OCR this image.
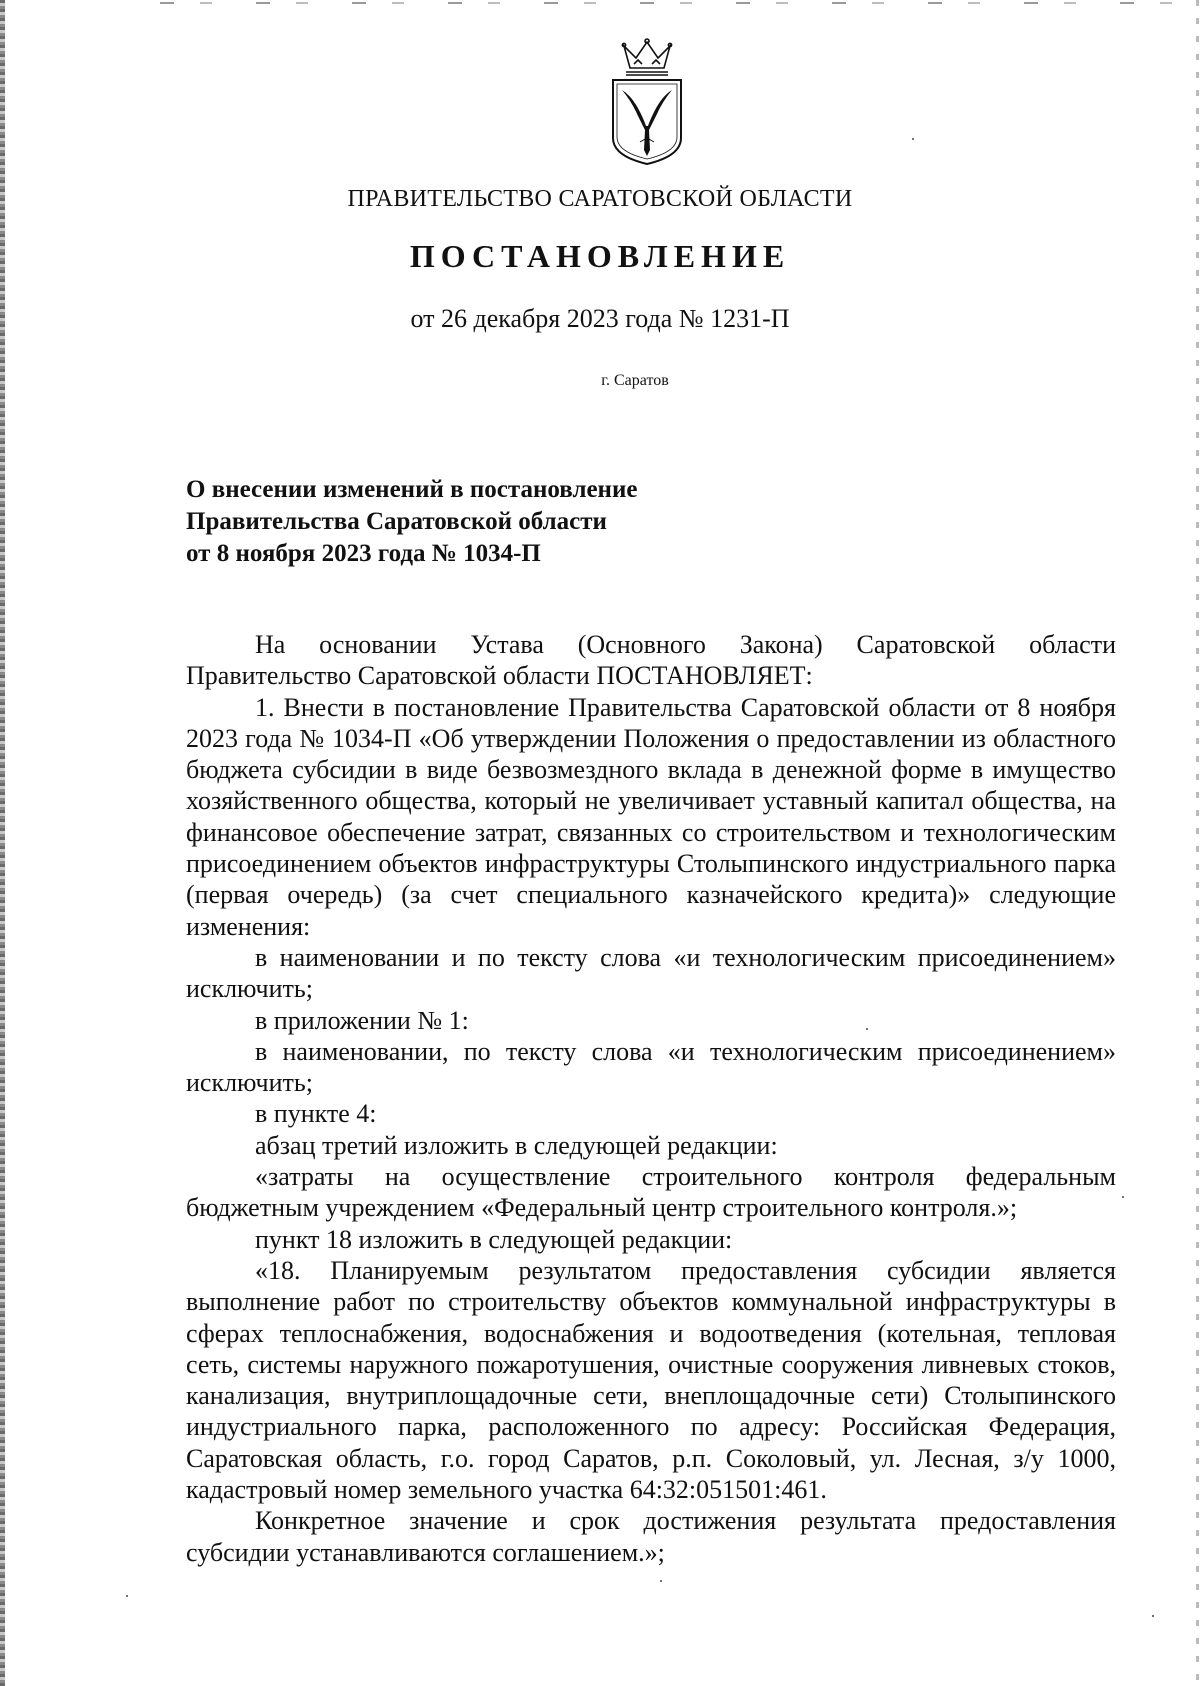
ПРАВИТЕЛЬСТВО САРАТОВСКОЙ ОБЛАСТИ
ПОСТАНОВЛЕНИЕ
от 26 декабря 2023 года № 1231-П
г. Саратов
О внесении изменений в постановление
Правительства Саратовской области
от 8 ноября 2023 года № 1034-П

На основании Устава (Основного Закона) Саратовской области Правительство Саратовской области ПОСТАНОВЛЯЕТ:

1. Внести в постановление Правительства Саратовской области от 8 ноября 2023 года № 1034-П «Об утверждении Положения о предоставлении из областного бюджета субсидии в виде безвозмездного вклада в денежной форме в имущество хозяйственного общества, который не увеличивает уставный капитал общества, на финансовое обеспечение затрат, связанных со строительством и технологическим присоединением объектов инфраструктуры Столыпинского индустриального парка (первая очередь) (за счет специального казначейского кредита)» следующие изменения:

в наименовании и по тексту слова «и технологическим присоединением» исключить;

в приложении № 1:

в наименовании, по тексту слова «и технологическим присоединением» исключить;

в пункте 4:

абзац третий изложить в следующей редакции:

«затраты на осуществление строительного контроля федеральным бюджетным учреждением «Федеральный центр строительного контроля.»;

пункт 18 изложить в следующей редакции:

«18. Планируемым результатом предоставления субсидии является выполнение работ по строительству объектов коммунальной инфраструктуры в сферах теплоснабжения, водоснабжения и водоотведения (котельная, тепловая сеть, системы наружного пожаротушения, очистные сооружения ливневых стоков, канализация, внутриплощадочные сети, внеплощадочные сети) Столыпинского индустриального парка, расположенного по адресу: Российская Федерация, Саратовская область, г.о. город Саратов, р.п. Соколовый, ул. Лесная, з/у 1000, кадастровый номер земельного участка 64:32:051501:461.

Конкретное значение и срок достижения результата предоставления субсидии устанавливаются соглашением.»;
